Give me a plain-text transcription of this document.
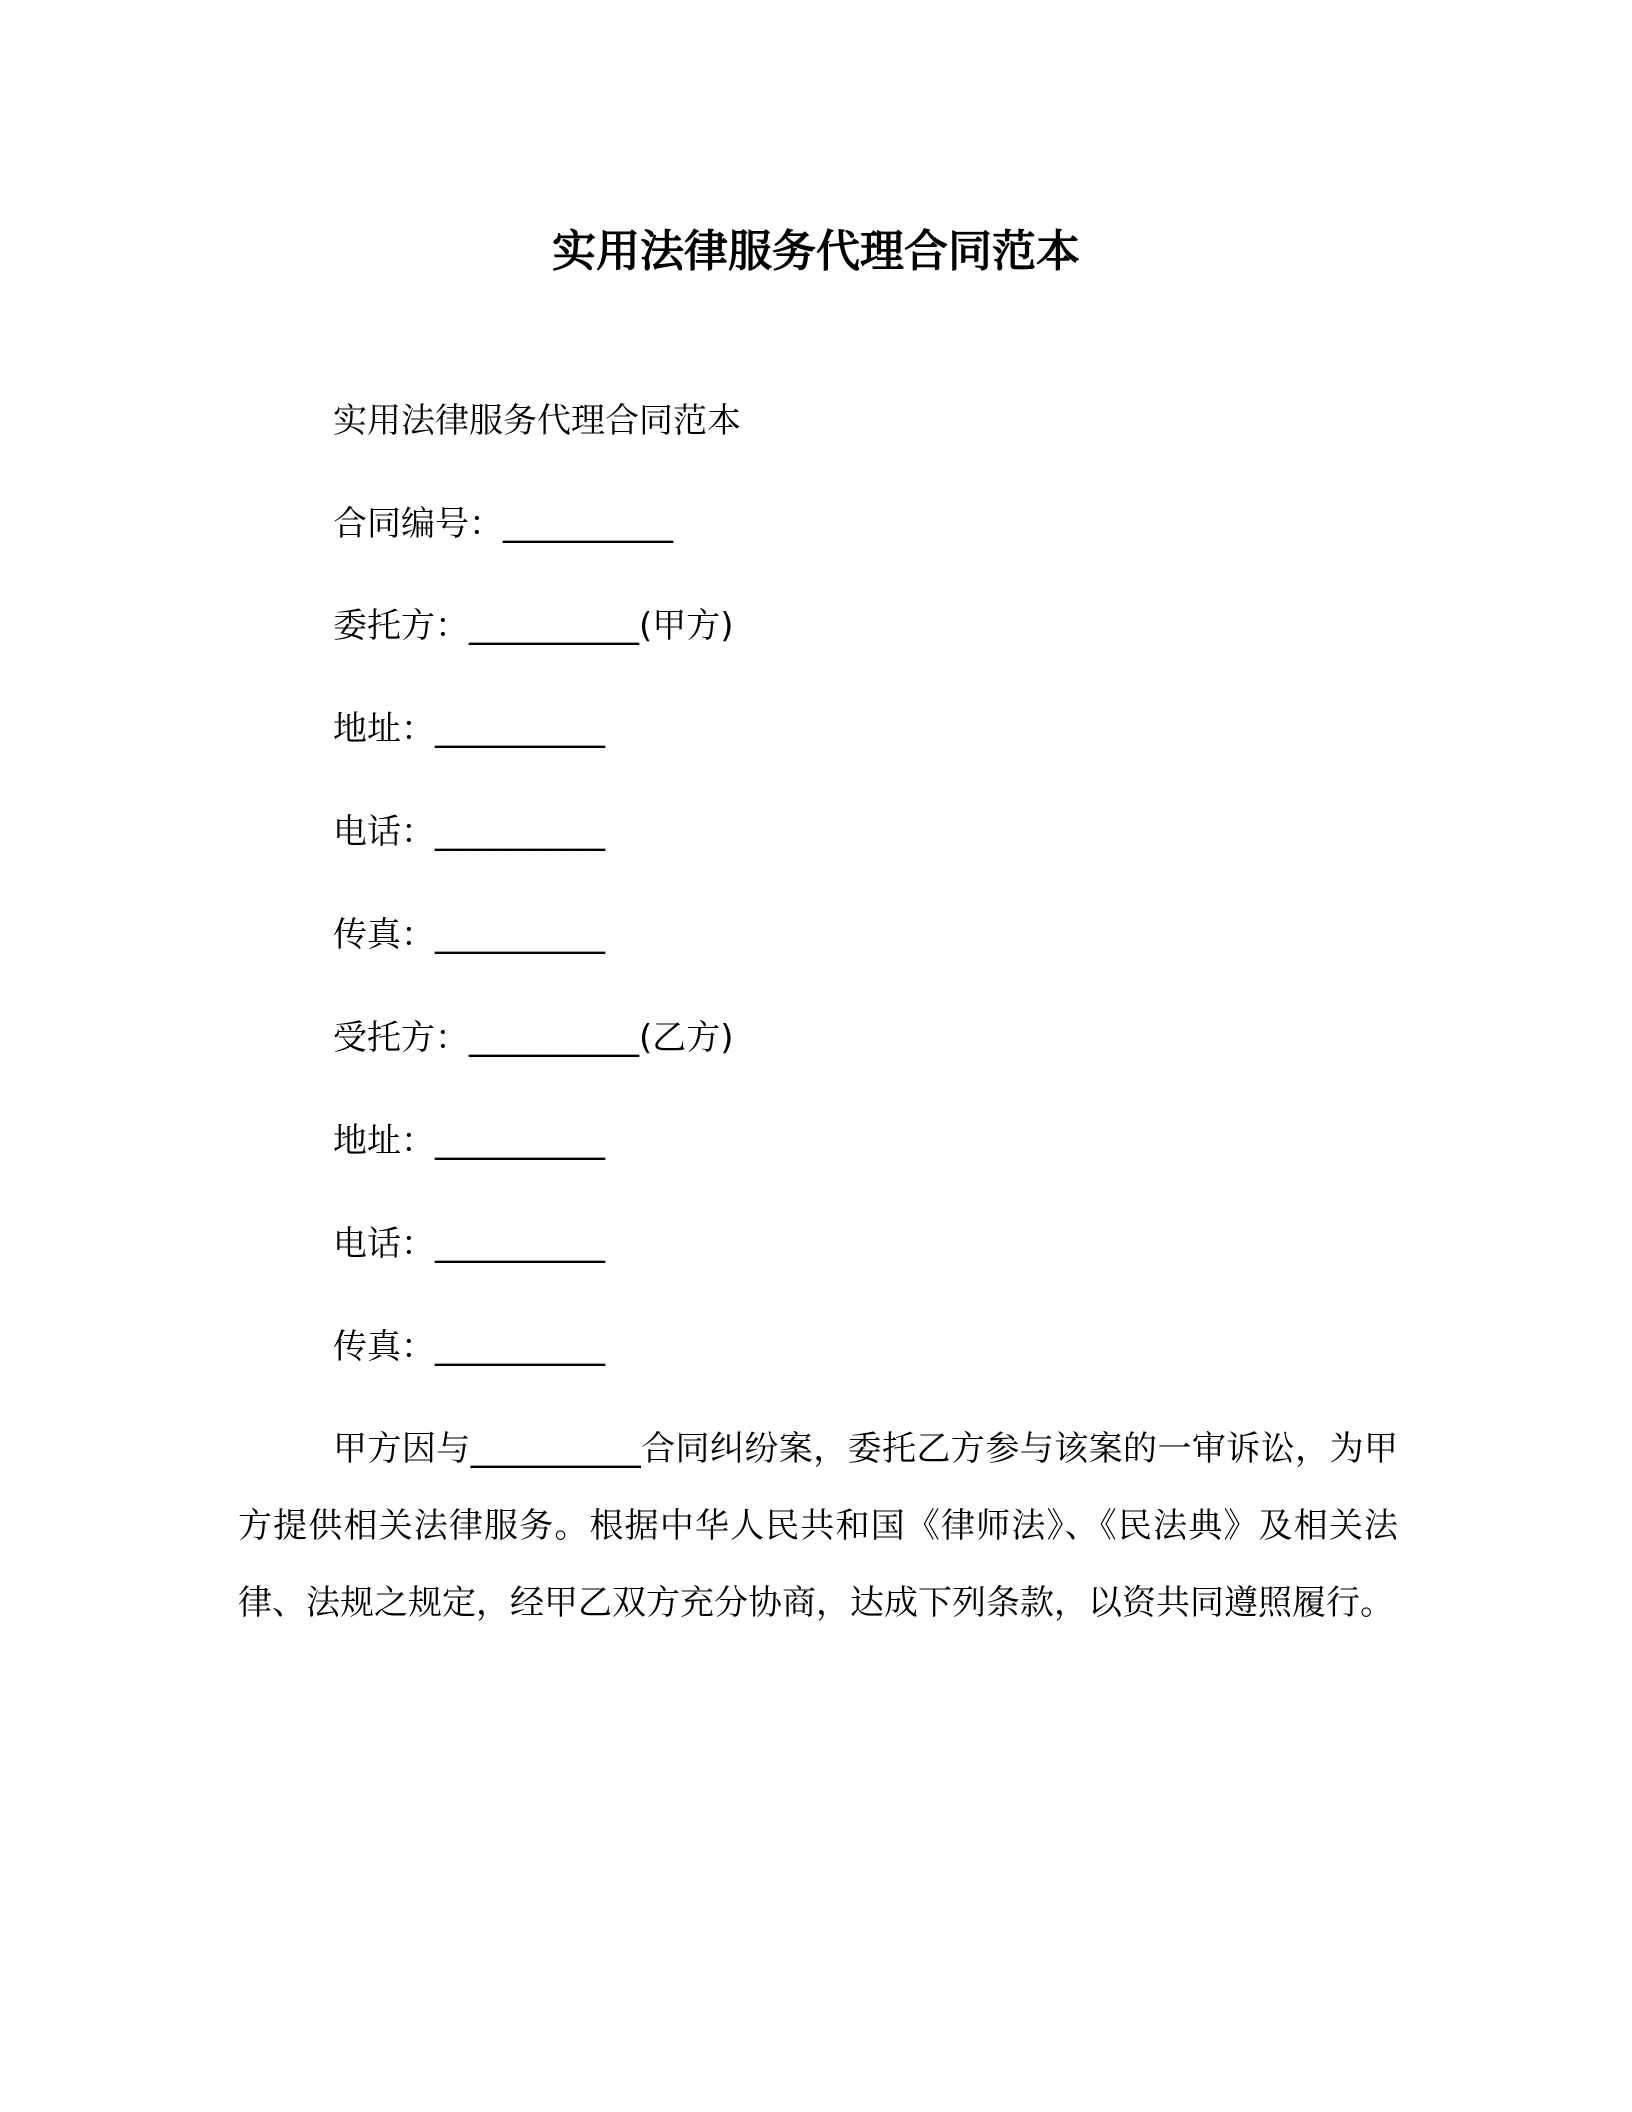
实用法律服务代理合同范本

实用法律服务代理合同范本

合同编号：__________

委托方：__________(甲方)

地址：__________

电话：__________

传真：__________

受托方：__________(乙方)

地址：__________

电话：__________

传真：__________

甲方因与__________合同纠纷案，委托乙方参与该案的一审诉讼，为甲方提供相关法律服务。根据中华人民共和国《律师法》、《民法典》及相关法律、法规之规定，经甲乙双方充分协商，达成下列条款，以资共同遵照履行。
